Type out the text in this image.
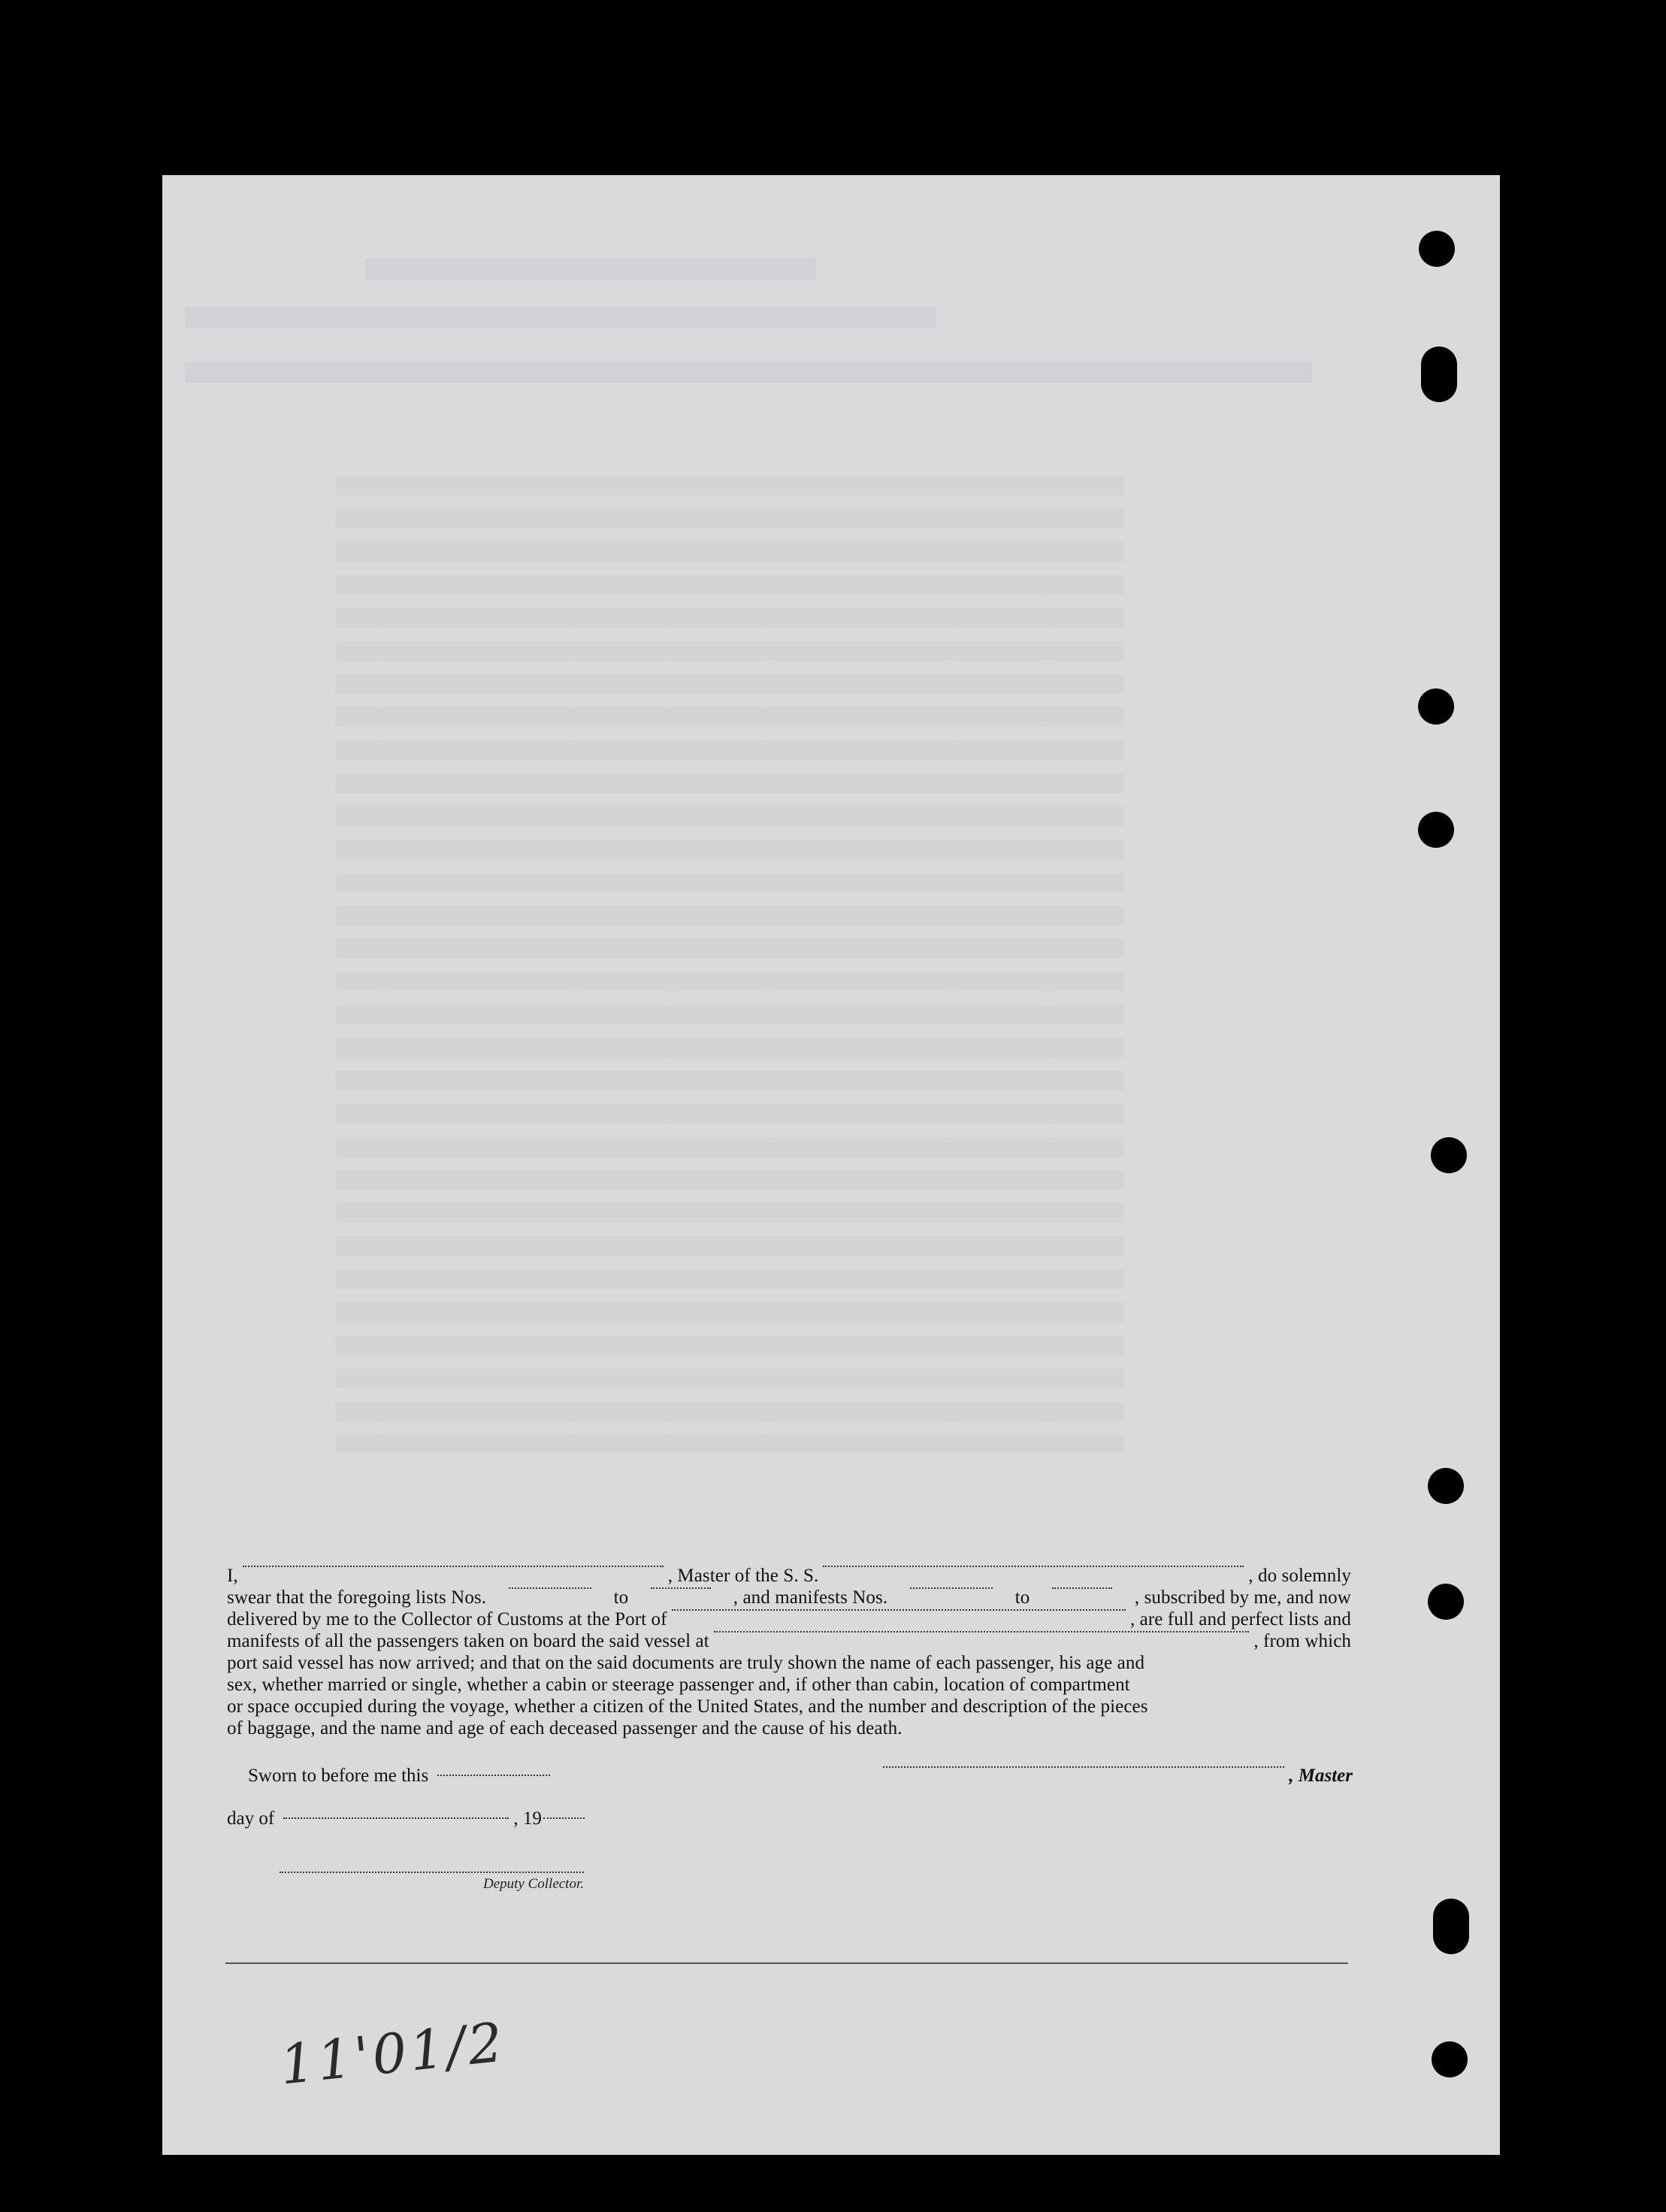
I,	, Master of the S. S.	, do solemnly
swear that the foregoing lists Nos.	to	, and manifests Nos.	to	, subscribed by me, and now
delivered by me to the Collector of Customs at the Port of	, are full and perfect lists and
manifests of all the passengers taken on board the said vessel at	, from which
port said vessel has now arrived; and that on the said documents are truly shown the name of each passenger, his age and
sex, whether married or single, whether a cabin or steerage passenger and, if other than cabin, location of compartment
or space occupied during the voyage, whether a citizen of the United States, and the number and description of the pieces
of baggage, and the name and age of each deceased passenger and the cause of his death.
Sworn to before me this	, Master
day of	, 19
Deputy Collector.
11'01/2
